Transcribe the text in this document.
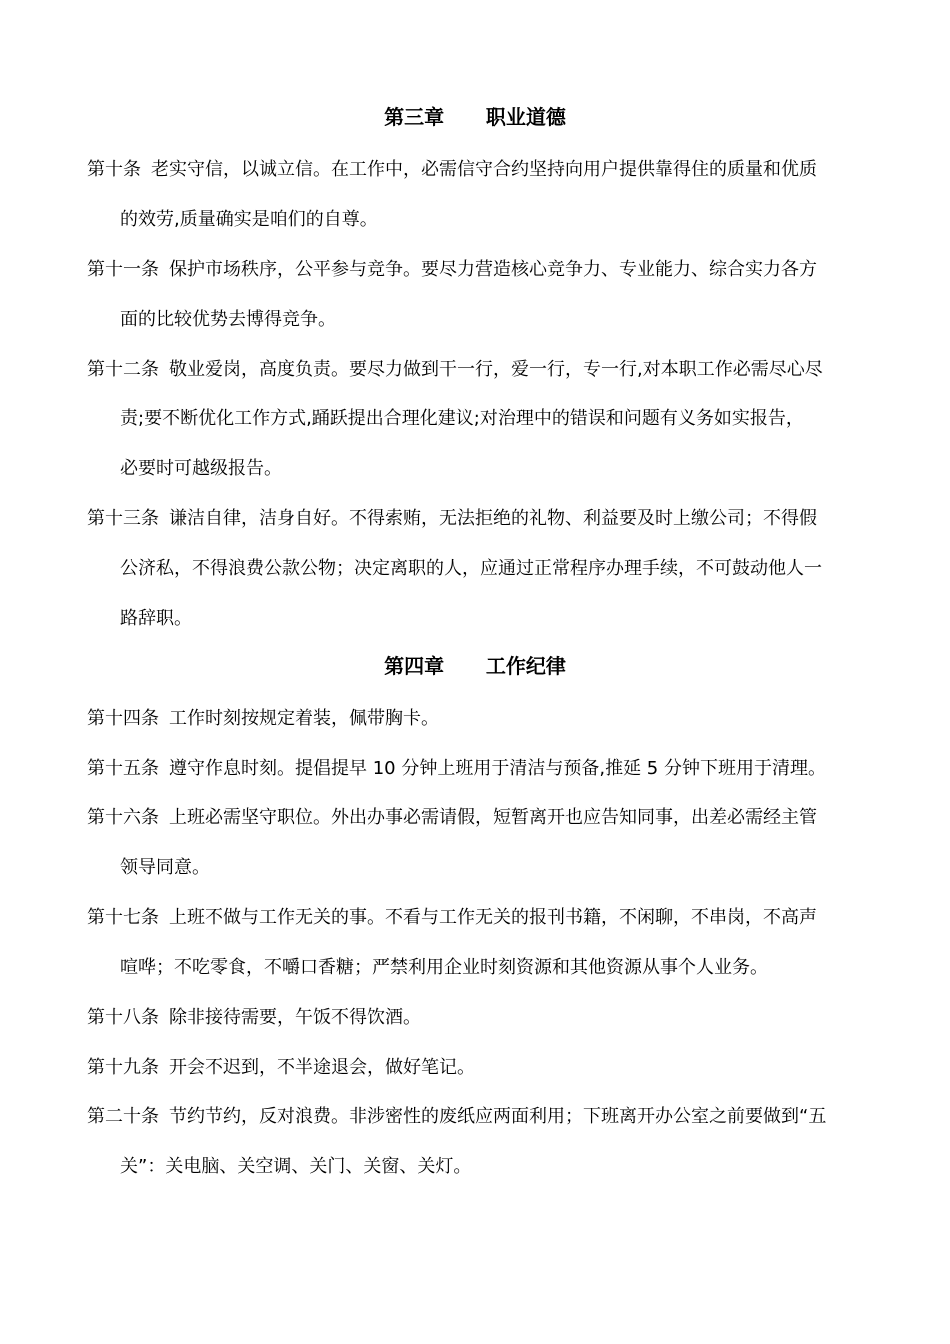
第三章      职业道德
第十条 老实守信，以诚立信。在工作中，必需信守合约坚持向用户提供靠得住的质量和优质
的效劳,质量确实是咱们的自尊。
第十一条 保护市场秩序，公平参与竞争。要尽力营造核心竞争力、专业能力、综合实力各方
面的比较优势去博得竞争。
第十二条 敬业爱岗，高度负责。要尽力做到干一行，爱一行，专一行,对本职工作必需尽心尽
责;要不断优化工作方式,踊跃提出合理化建议;对治理中的错误和问题有义务如实报告，
必要时可越级报告。
第十三条 谦洁自律，洁身自好。不得索贿，无法拒绝的礼物、利益要及时上缴公司；不得假
公济私，不得浪费公款公物；决定离职的人，应通过正常程序办理手续，不可鼓动他人一
路辞职。
第四章      工作纪律
第十四条 工作时刻按规定着装，佩带胸卡。
第十五条 遵守作息时刻。提倡提早 10 分钟上班用于清洁与预备,推延 5 分钟下班用于清理。
第十六条 上班必需坚守职位。外出办事必需请假，短暂离开也应告知同事，出差必需经主管
领导同意。
第十七条 上班不做与工作无关的事。不看与工作无关的报刊书籍，不闲聊，不串岗，不高声
喧哗；不吃零食，不嚼口香糖；严禁利用企业时刻资源和其他资源从事个人业务。
第十八条 除非接待需要，午饭不得饮酒。
第十九条 开会不迟到，不半途退会，做好笔记。
第二十条 节约节约，反对浪费。非涉密性的废纸应两面利用；下班离开办公室之前要做到“五
关”：关电脑、关空调、关门、关窗、关灯。
